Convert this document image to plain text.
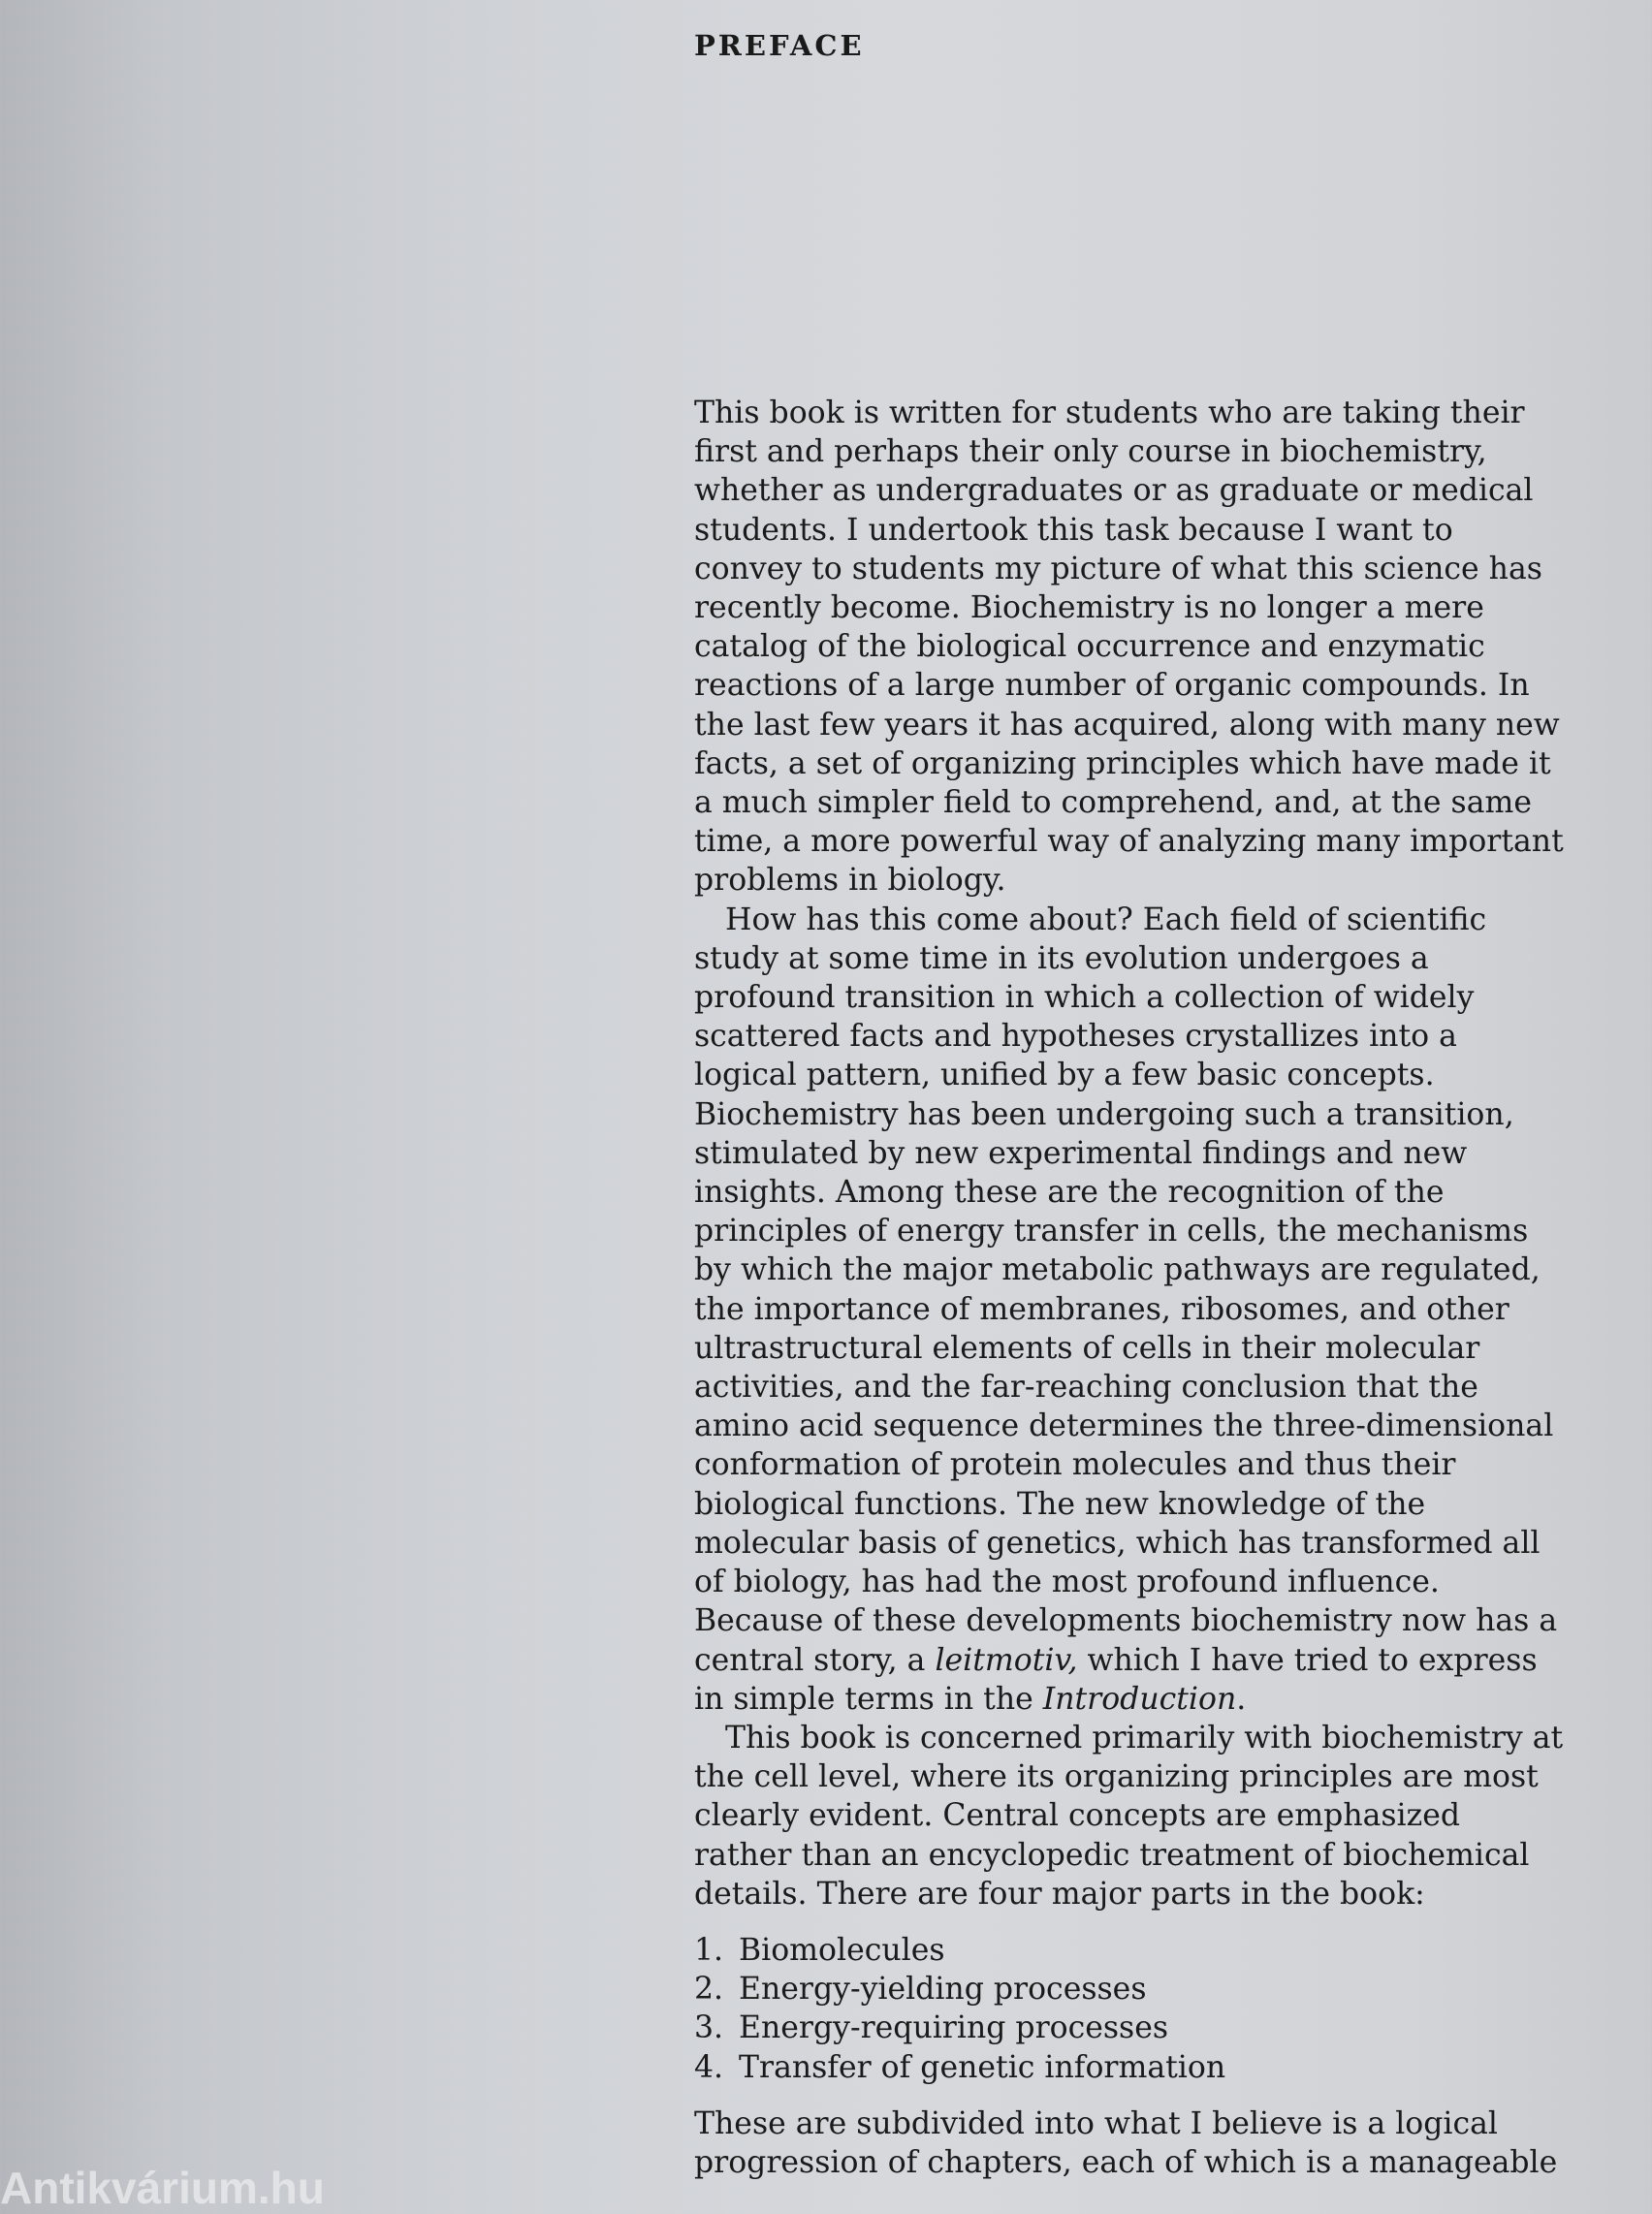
PREFACE

This book is written for students who are taking their first and perhaps their only course in biochemistry, whether as undergraduates or as graduate or medical students. I undertook this task because I want to convey to students my picture of what this science has recently become. Biochemistry is no longer a mere catalog of the biological occurrence and enzymatic reactions of a large number of organic compounds. In the last few years it has acquired, along with many new facts, a set of organizing principles which have made it a much simpler field to comprehend, and, at the same time, a more powerful way of analyzing many important problems in biology.

How has this come about? Each field of scientific study at some time in its evolution undergoes a profound transition in which a collection of widely scattered facts and hypotheses crystallizes into a logical pattern, unified by a few basic concepts. Biochemistry has been undergoing such a transition, stimulated by new experimental findings and new insights. Among these are the recognition of the principles of energy transfer in cells, the mechanisms by which the major metabolic pathways are regulated, the importance of membranes, ribosomes, and other ultrastructural elements of cells in their molecular activities, and the far-reaching conclusion that the amino acid sequence determines the three-dimensional conformation of protein molecules and thus their biological functions. The new knowledge of the molecular basis of genetics, which has transformed all of biology, has had the most profound influence. Because of these developments biochemistry now has a central story, a leitmotiv, which I have tried to express in simple terms in the Introduction.

This book is concerned primarily with biochemistry at the cell level, where its organizing principles are most clearly evident. Central concepts are emphasized rather than an encyclopedic treatment of biochemical details. There are four major parts in the book:

1. Biomolecules
2. Energy-yielding processes
3. Energy-requiring processes
4. Transfer of genetic information

These are subdivided into what I believe is a logical progression of chapters, each of which is a manageable

Antikvárium.hu
